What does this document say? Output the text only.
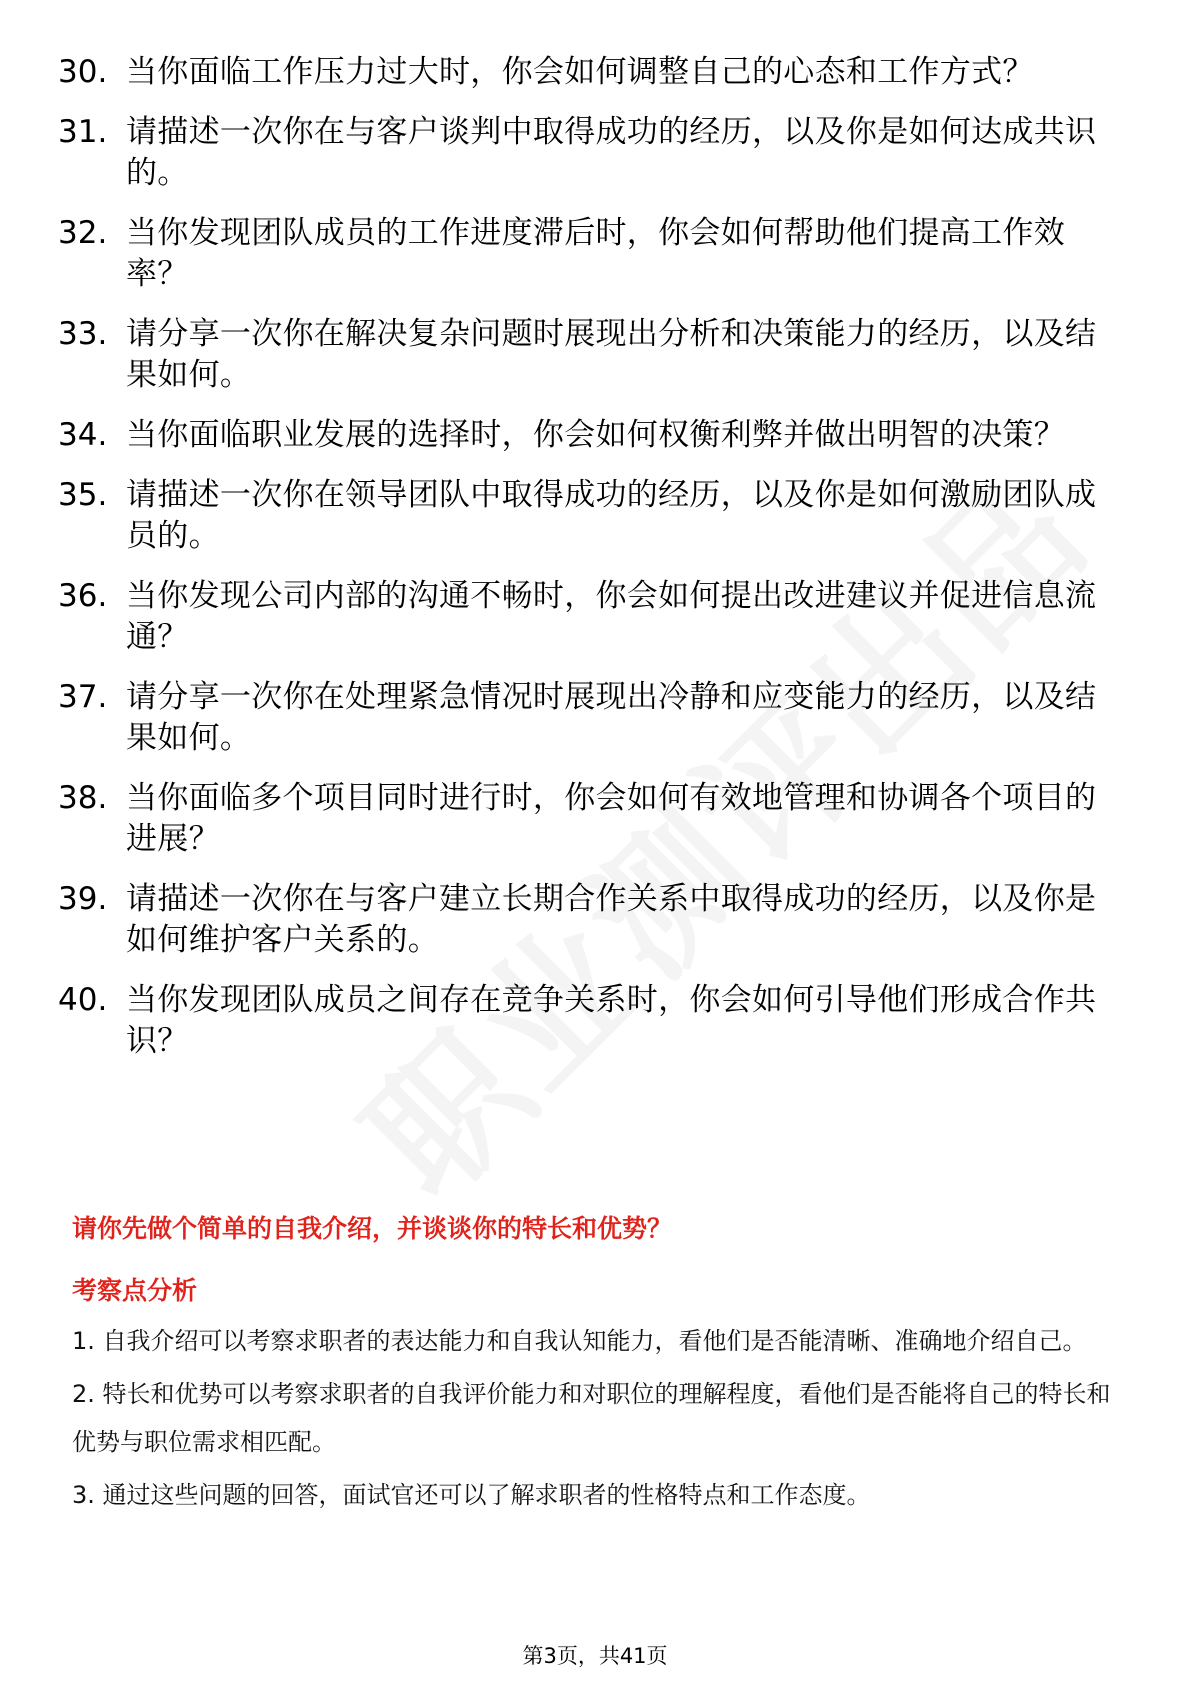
30. 当你面临工作压力过大时，你会如何调整自己的心态和工作方式？
31. 请描述一次你在与客户谈判中取得成功的经历，以及你是如何达成共识的。
32. 当你发现团队成员的工作进度滞后时，你会如何帮助他们提高工作效率？
33. 请分享一次你在解决复杂问题时展现出分析和决策能力的经历，以及结果如何。
34. 当你面临职业发展的选择时，你会如何权衡利弊并做出明智的决策？
35. 请描述一次你在领导团队中取得成功的经历，以及你是如何激励团队成员的。
36. 当你发现公司内部的沟通不畅时，你会如何提出改进建议并促进信息流通？
37. 请分享一次你在处理紧急情况时展现出冷静和应变能力的经历，以及结果如何。
38. 当你面临多个项目同时进行时，你会如何有效地管理和协调各个项目的进展？
39. 请描述一次你在与客户建立长期合作关系中取得成功的经历，以及你是如何维护客户关系的。
40. 当你发现团队成员之间存在竞争关系时，你会如何引导他们形成合作共识？
请你先做个简单的自我介绍，并谈谈你的特长和优势？
考察点分析

1. 自我介绍可以考察求职者的表达能力和自我认知能力，看他们是否能清晰、准确地介绍自己。

2. 特长和优势可以考察求职者的自我评价能力和对职位的理解程度，看他们是否能将自己的特长和优势与职位需求相匹配。

3. 通过这些问题的回答，面试官还可以了解求职者的性格特点和工作态度。

第3页，共41页
